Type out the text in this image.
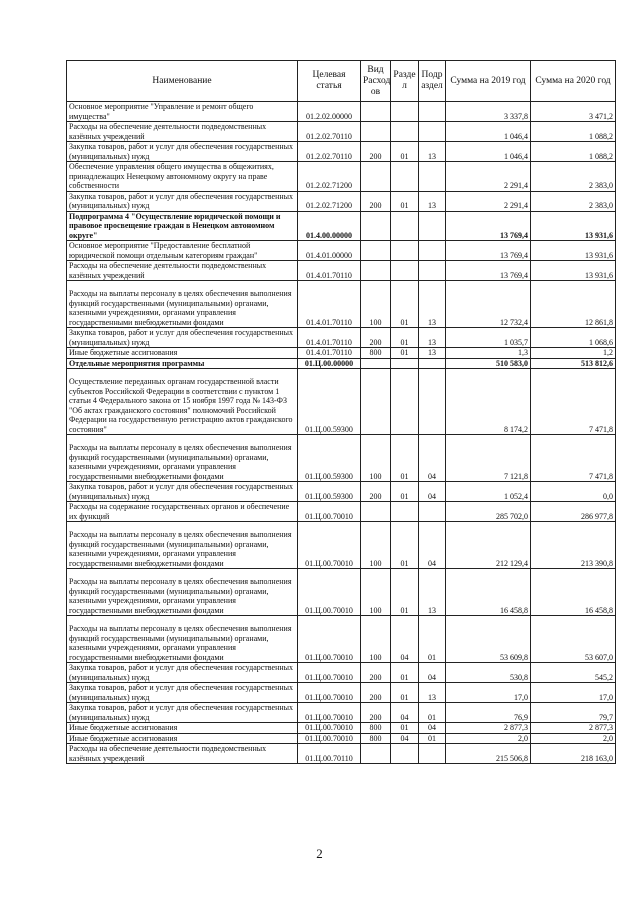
Наименование	Целевая статья	Вид Расход ов	Разде л	Подр аздел	Сумма на 2019 год	Сумма на 2020 год
Основное мероприятие "Управление и ремонт общего имущества"	01.2.02.00000				3 337,8	3 471,2
Расходы на обеспечение деятельности подведомственных казённых учреждений	01.2.02.70110				1 046,4	1 088,2
Закупка товаров, работ и услуг для обеспечения государственных (муниципальных) нужд	01.2.02.70110	200	01	13	1 046,4	1 088,2
Обеспечение управления общего имущества в общежитиях, принадлежащих Ненецкому автономному округу на праве собственности	01.2.02.71200				2 291,4	2 383,0
Закупка товаров, работ и услуг для обеспечения государственных (муниципальных) нужд	01.2.02.71200	200	01	13	2 291,4	2 383,0
Подпрограмма 4 "Осуществление юридической помощи и правовое просвещение граждан в Ненецком автономном округе"	01.4.00.00000				13 769,4	13 931,6
Основное мероприятие "Предоставление бесплатной юридической помощи отдельным категориям граждан"	01.4.01.00000				13 769,4	13 931,6
Расходы на обеспечение деятельности подведомственных казённых учреждений	01.4.01.70110				13 769,4	13 931,6
Расходы на выплаты персоналу в целях обеспечения выполнения функций государственными (муниципальными) органами, казенными учреждениями, органами управления государственными внебюджетными фондами	01.4.01.70110	100	01	13	12 732,4	12 861,8
Закупка товаров, работ и услуг для обеспечения государственных (муниципальных) нужд	01.4.01.70110	200	01	13	1 035,7	1 068,6
Иные бюджетные ассигнования	01.4.01.70110	800	01	13	1,3	1,2
Отдельные мероприятия программы	01.Ц.00.00000				510 583,0	513 812,6
Осуществление переданных органам государственной власти субъектов Российской Федерации в соответствии с пунктом 1 статьи 4 Федерального закона от 15 ноября 1997 года № 143-ФЗ "Об актах гражданского состояния" полномочий Российской Федерации на государственную регистрацию актов гражданского состояния"	01.Ц.00.59300				8 174,2	7 471,8
Расходы на выплаты персоналу в целях обеспечения выполнения функций государственными (муниципальными) органами, казенными учреждениями, органами управления государственными внебюджетными фондами	01.Ц.00.59300	100	01	04	7 121,8	7 471,8
Закупка товаров, работ и услуг для обеспечения государственных (муниципальных) нужд	01.Ц.00.59300	200	01	04	1 052,4	0,0
Расходы на содержание государственных органов и обеспечение их функций	01.Ц.00.70010				285 702,0	286 977,8
Расходы на выплаты персоналу в целях обеспечения выполнения функций государственными (муниципальными) органами, казенными учреждениями, органами управления государственными внебюджетными фондами	01.Ц.00.70010	100	01	04	212 129,4	213 390,8
Расходы на выплаты персоналу в целях обеспечения выполнения функций государственными (муниципальными) органами, казенными учреждениями, органами управления государственными внебюджетными фондами	01.Ц.00.70010	100	01	13	16 458,8	16 458,8
Расходы на выплаты персоналу в целях обеспечения выполнения функций государственными (муниципальными) органами, казенными учреждениями, органами управления государственными внебюджетными фондами	01.Ц.00.70010	100	04	01	53 609,8	53 607,0
Закупка товаров, работ и услуг для обеспечения государственных (муниципальных) нужд	01.Ц.00.70010	200	01	04	530,8	545,2
Закупка товаров, работ и услуг для обеспечения государственных (муниципальных) нужд	01.Ц.00.70010	200	01	13	17,0	17,0
Закупка товаров, работ и услуг для обеспечения государственных (муниципальных) нужд	01.Ц.00.70010	200	04	01	76,9	79,7
Иные бюджетные ассигнования	01.Ц.00.70010	800	01	04	2 877,3	2 877,3
Иные бюджетные ассигнования	01.Ц.00.70010	800	04	01	2,0	2,0
Расходы на обеспечение деятельности подведомственных казённых учреждений	01.Ц.00.70110				215 506,8	218 163,0
2
